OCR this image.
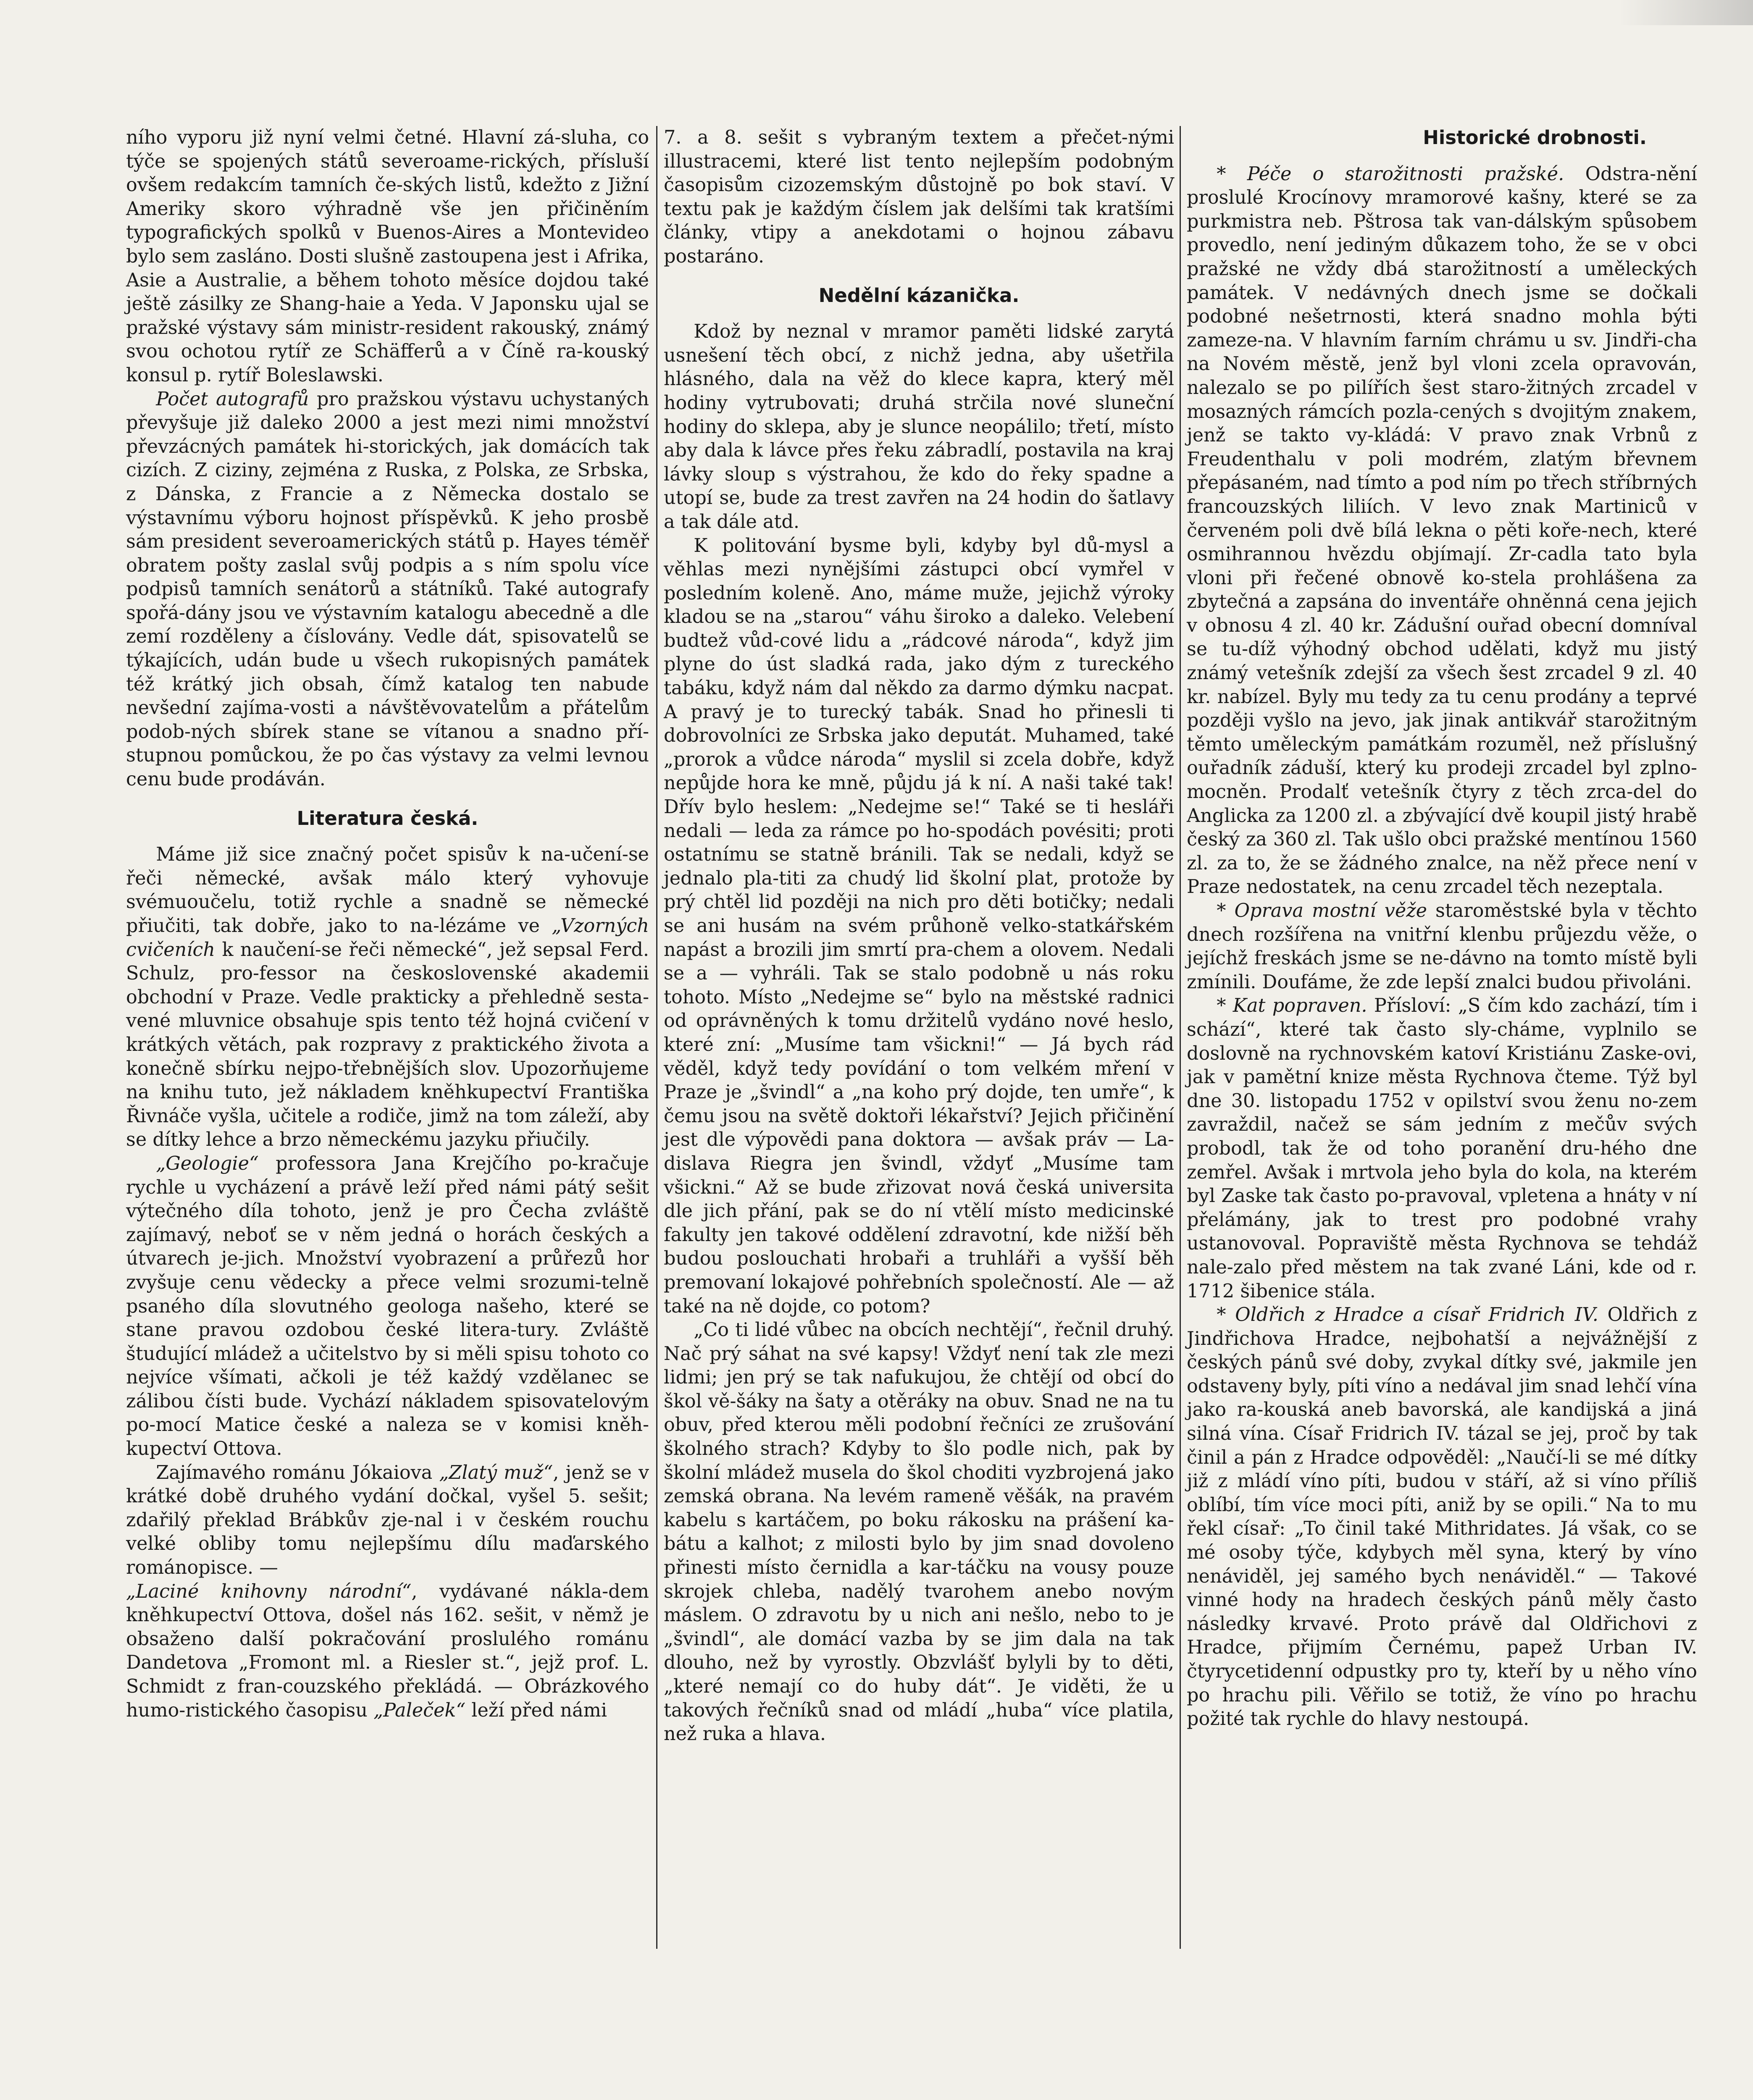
ního vyporu již nyní velmi četné. Hlavní zá-sluha, co týče se spojených států severoame-rických, přísluší ovšem redakcím tamních če-ských listů, kdežto z Jižní Ameriky skoro výhradně vše jen přičiněním typografických spolků v Buenos-Aires a Montevideo bylo sem zasláno. Dosti slušně zastoupena jest i Afrika, Asie a Australie, a během tohoto měsíce dojdou také ještě zásilky ze Shang-haie a Yeda. V Japonsku ujal se pražské výstavy sám ministr-resident rakouský, známý svou ochotou rytíř ze Schäfferů a v Číně ra-kouský konsul p. rytíř Boleslawski.

Počet autografů pro pražskou výstavu uchystaných převyšuje již daleko 2000 a jest mezi nimi množství převzácných památek hi-storických, jak domácích tak cizích. Z ciziny, zejména z Ruska, z Polska, ze Srbska, z Dánska, z Francie a z Německa dostalo se výstavnímu výboru hojnost příspěvků. K jeho prosbě sám president severoamerických států p. Hayes téměř obratem pošty zaslal svůj podpis a s ním spolu více podpisů tamních senátorů a státníků. Také autografy spořá-dány jsou ve výstavním katalogu abecedně a dle zemí rozděleny a číslovány. Vedle dát, spisovatelů se týkajících, udán bude u všech rukopisných památek též krátký jich obsah, čímž katalog ten nabude nevšední zajíma-vosti a návštěvovatelům a přátelům podob-ných sbírek stane se vítanou a snadno pří-stupnou pomůckou, že po čas výstavy za velmi levnou cenu bude prodáván.

Literatura česká.

Máme již sice značný počet spisův k na-učení-se řeči německé, avšak málo který vyhovuje svémuoučelu, totiž rychle a snadně se německé přiučiti, tak dobře, jako to na-lézáme ve „Vzorných cvičeních k naučení-se řeči německé“, jež sepsal Ferd. Schulz, pro-fessor na československé akademii obchodní v Praze. Vedle prakticky a přehledně sesta-vené mluvnice obsahuje spis tento též hojná cvičení v krátkých větách, pak rozpravy z praktického života a konečně sbírku nejpo-třebnějších slov. Upozorňujeme na knihu tuto, jež nákladem kněhkupectví Františka Řivnáče vyšla, učitele a rodiče, jimž na tom záleží, aby se dítky lehce a brzo německému jazyku přiučily.

„Geologie“ professora Jana Krejčího po-kračuje rychle u vycházení a právě leží před námi pátý sešit výtečného díla tohoto, jenž je pro Čecha zvláště zajímavý, neboť se v něm jedná o horách českých a útvarech je-jich. Množství vyobrazení a průřezů hor zvyšuje cenu vědecky a přece velmi srozumi-telně psaného díla slovutného geologa našeho, které se stane pravou ozdobou české litera-tury. Zvláště študující mládež a učitelstvo by si měli spisu tohoto co nejvíce všímati, ačkoli je též každý vzdělanec se zálibou čísti bude. Vychází nákladem spisovatelovým po-mocí Matice české a naleza se v komisi kněh-kupectví Ottova.

Zajímavého románu Jókaiova „Zlatý muž“, jenž se v krátké době druhého vydání dočkal, vyšel 5. sešit; zdařilý překlad Brábkův zje-nal i v českém rouchu velké obliby tomu nejlepšímu dílu maďarského románopisce. —

„Laciné knihovny národní“, vydávané nákla-dem kněhkupectví Ottova, došel nás 162. sešit, v němž je obsaženo další pokračování proslulého románu Dandetova „Fromont ml. a Riesler st.“, jejž prof. L. Schmidt z fran-couzského překládá. — Obrázkového humo-ristického časopisu „Paleček“ leží před námi

7. a 8. sešit s vybraným textem a přečet-nými illustracemi, které list tento nejlepším podobným časopisům cizozemským důstojně po bok staví. V textu pak je každým číslem jak delšími tak kratšími články, vtipy a anekdotami o hojnou zábavu postaráno.

Nedělní kázanička.

Kdož by neznal v mramor paměti lidské zarytá usnešení těch obcí, z nichž jedna, aby ušetřila hlásného, dala na věž do klece kapra, který měl hodiny vytrubovati; druhá strčila nové sluneční hodiny do sklepa, aby je slunce neopálilo; třetí, místo aby dala k lávce přes řeku zábradlí, postavila na kraj lávky sloup s výstrahou, že kdo do řeky spadne a utopí se, bude za trest zavřen na 24 hodin do šatlavy a tak dále atd.

K politování bysme byli, kdyby byl dů-mysl a věhlas mezi nynějšími zástupci obcí vymřel v posledním koleně. Ano, máme muže, jejichž výroky kladou se na „starou“ váhu široko a daleko. Velebení budtež vůd-cové lidu a „rádcové národa“, když jim plyne do úst sladká rada, jako dým z tureckého tabáku, když nám dal někdo za darmo dýmku nacpat. A pravý je to turecký tabák. Snad ho přinesli ti dobrovolníci ze Srbska jako deputát. Muhamed, také „prorok a vůdce národa“ myslil si zcela dobře, když nepůjde hora ke mně, půjdu já k ní. A naši také tak! Dřív bylo heslem: „Nedejme se!“ Také se ti hesláři nedali — leda za rámce po ho-spodách povésiti; proti ostatnímu se statně bránili. Tak se nedali, když se jednalo pla-titi za chudý lid školní plat, protože by prý chtěl lid později na nich pro děti botičky; nedali se ani husám na svém průhoně velko-statkářském napást a brozili jim smrtí pra-chem a olovem. Nedali se a — vyhráli. Tak se stalo podobně u nás roku tohoto. Místo „Nedejme se“ bylo na městské radnici od oprávněných k tomu držitelů vydáno nové heslo, které zní: „Musíme tam všickni!“ — Já bych rád věděl, když tedy povídání o tom velkém mření v Praze je „švindl“ a „na koho prý dojde, ten umře“, k čemu jsou na světě doktoři lékařství? Jejich přičinění jest dle výpovědi pana doktora — avšak práv — La-dislava Riegra jen švindl, vždyť „Musíme tam všickni.“ Až se bude zřizovat nová česká universita dle jich přání, pak se do ní vtělí místo medicinské fakulty jen takové oddělení zdravotní, kde nižší běh budou poslouchati hrobaři a truhláři a vyšší běh premovaní lokajové pohřebních společností. Ale — až také na ně dojde, co potom?

„Co ti lidé vůbec na obcích nechtějí“, řečnil druhý. Nač prý sáhat na své kapsy! Vždyť není tak zle mezi lidmi; jen prý se tak nafukujou, že chtějí od obcí do škol vě-šáky na šaty a otěráky na obuv. Snad ne na tu obuv, před kterou měli podobní řečníci ze zrušování školného strach? Kdyby to šlo podle nich, pak by školní mládež musela do škol choditi vyzbrojená jako zemská obrana. Na levém rameně věšák, na pravém kabelu s kartáčem, po boku rákosku na prášení ka-bátu a kalhot; z milosti bylo by jim snad dovoleno přinesti místo černidla a kar-táčku na vousy pouze skrojek chleba, nadělý tvarohem anebo novým máslem. O zdravotu by u nich ani nešlo, nebo to je „švindl“, ale domácí vazba by se jim dala na tak dlouho, než by vyrostly. Obzvlášť bylyli by to děti, „které nemají co do huby dát“. Je viděti, že u takových řečníků snad od mládí „huba“ více platila, než ruka a hlava.

Historické drobnosti.

* Péče o starožitnosti pražské. Odstra-nění proslulé Krocínovy mramorové kašny, které se za purkmistra neb. Pštrosa tak van-dálským spůsobem provedlo, není jediným důkazem toho, že se v obci pražské ne vždy dbá starožitností a uměleckých památek. V nedávných dnech jsme se dočkali podobné nešetrnosti, která snadno mohla býti zameze-na. V hlavním farním chrámu u sv. Jindři-cha na Novém městě, jenž byl vloni zcela opravován, nalezalo se po pilířích šest staro-žitných zrcadel v mosazných rámcích pozla-cených s dvojitým znakem, jenž se takto vy-kládá: V pravo znak Vrbnů z Freudenthalu v poli modrém, zlatým břevnem přepásaném, nad tímto a pod ním po třech stříbrných francouzských liliích. V levo znak Martiniců v červeném poli dvě bílá lekna o pěti kořе-nech, které osmihrannou hvězdu objímají. Zr-cadla tato byla vloni při řečené obnově ko-stela prohlášena za zbytečná a zapsána do inventáře ohněnná cena jejich v obnosu 4 zl. 40 kr. Zádušní ouřad obecní domníval se tu-díž výhodný obchod udělati, když mu jistý známý vetešník zdejší za všech šest zrcadel 9 zl. 40 kr. nabízel. Byly mu tedy za tu cenu prodány a teprvé později vyšlo na jevo, jak jinak antikvář starožitným těmto uměleckým památkám rozuměl, než příslušný ouřadník záduší, který ku prodeji zrcadel byl zplno-mocněn. Prodalť vetešník čtyry z těch zrca-del do Anglicka za 1200 zl. a zbývající dvě koupil jistý hrabě český za 360 zl. Tak ušlo obci pražské mentínou 1560 zl. za to, že se žádného znalce, na něž přece není v Praze nedostatek, na cenu zrcadel těch nezeptala.

* Oprava mostní věže staroměstské byla v těchto dnech rozšířena na vnitřní klenbu průjezdu věže, o jejíchž freskách jsme se ne-dávno na tomto místě byli zmínili. Doufáme, že zde lepší znalci budou přivoláni.

* Kat popraven. Přísloví: „S čím kdo zachází, tím i schází“, které tak často sly-cháme, vyplnilo se doslovně na rychnovském katoví Kristiánu Zaske-ovi, jak v pamětní knize města Rychnova čteme. Týž byl dne 30. listopadu 1752 v opilství svou ženu no-zem zavraždil, načež se sám jedním z mečův svých probodl, tak že od toho poranění dru-hého dne zemřel. Avšak i mrtvola jeho byla do kola, na kterém byl Zaske tak často po-pravoval, vpletena a hnáty v ní přelámány, jak to trest pro podobné vrahy ustanovoval. Popraviště města Rychnova se tehdáž nale-zalo před městem na tak zvané Láni, kde od r. 1712 šibenice stála.

* Oldřich z Hradce a císař Fridrich IV. Oldřich z Jindřichova Hradce, nejbohatší a nejvážnější z českých pánů své doby, zvykal dítky své, jakmile jen odstaveny byly, píti víno a nedával jim snad lehčí vína jako ra-kouská aneb bavorská, ale kandijská a jiná silná vína. Císař Fridrich IV. tázal se jej, proč by tak činil a pán z Hradce odpověděl: „Naučí-li se mé dítky již z mládí víno píti, budou v stáří, až si víno příliš oblíbí, tím více moci píti, aniž by se opili.“ Na to mu řekl císař: „To činil také Mithridates. Já však, co se mé osoby týče, kdybych měl syna, který by víno nenáviděl, jej samého bych nenáviděl.“ — Takové vinné hody na hradech českých pánů měly často následky krvavé. Proto právě dal Oldřichovi z Hradce, přijmím Černému, papež Urban IV. čtyrycetidenní odpustky pro ty, kteří by u něho víno po hrachu pili. Věřilo se totiž, že víno po hrachu požité tak rychle do hlavy nestoupá.
